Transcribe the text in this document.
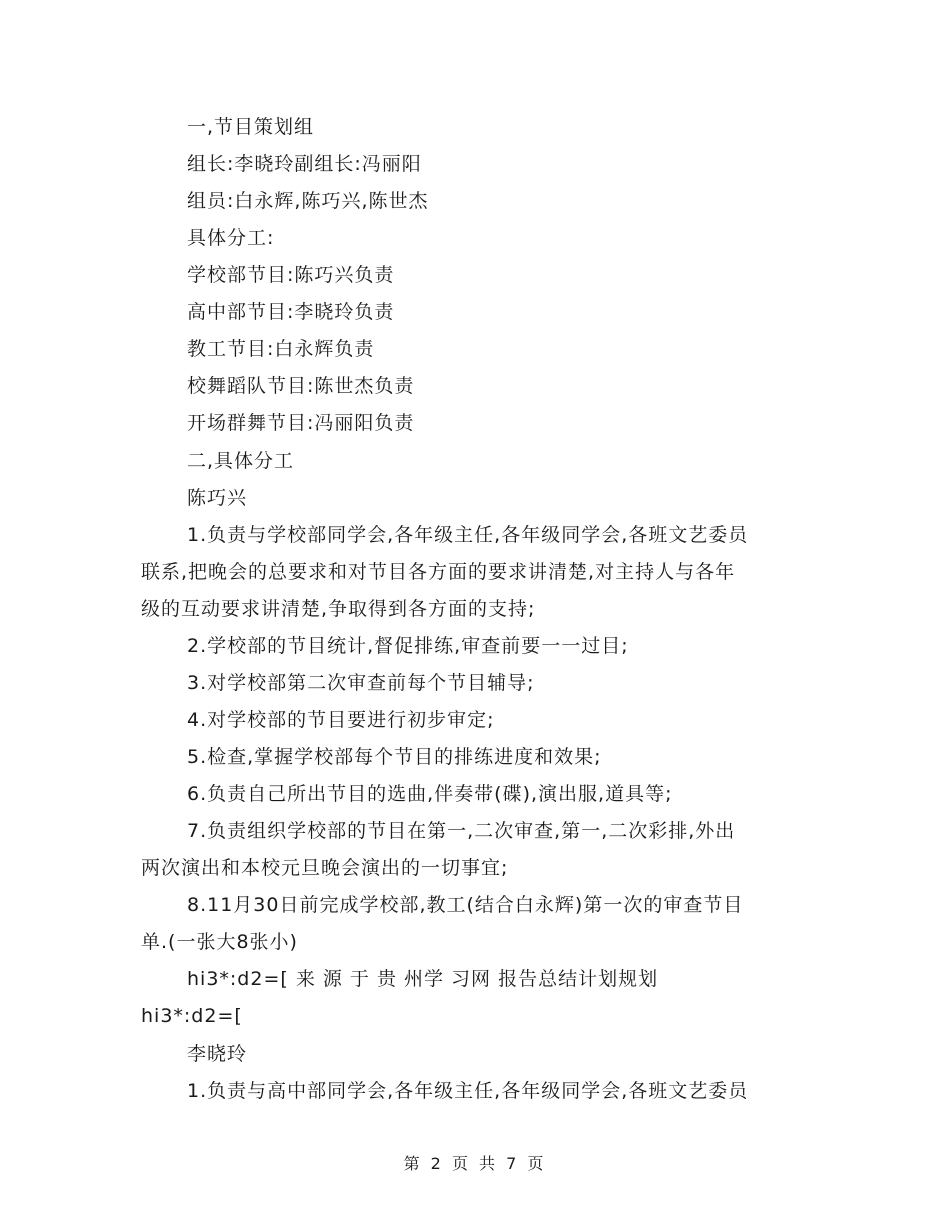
一,节目策划组
组长:李晓玲副组长:冯丽阳
组员:白永辉,陈巧兴,陈世杰
具体分工:
学校部节目:陈巧兴负责
高中部节目:李晓玲负责
教工节目:白永辉负责
校舞蹈队节目:陈世杰负责
开场群舞节目:冯丽阳负责
二,具体分工
陈巧兴
1.负责与学校部同学会,各年级主任,各年级同学会,各班文艺委员
联系,把晚会的总要求和对节目各方面的要求讲清楚,对主持人与各年
级的互动要求讲清楚,争取得到各方面的支持;
2.学校部的节目统计,督促排练,审查前要一一过目;
3.对学校部第二次审查前每个节目辅导;
4.对学校部的节目要进行初步审定;
5.检查,掌握学校部每个节目的排练进度和效果;
6.负责自己所出节目的选曲,伴奏带(碟),演出服,道具等;
7.负责组织学校部的节目在第一,二次审查,第一,二次彩排,外出
两次演出和本校元旦晚会演出的一切事宜;
8.11月30日前完成学校部,教工(结合白永辉)第一次的审查节目
单.(一张大8张小)
hi3*:d2=[ 来 源 于 贵 州学 习网 报告总结计划规划
hi3*:d2=[
李晓玲
1.负责与高中部同学会,各年级主任,各年级同学会,各班文艺委员
第 2 页 共 7 页
